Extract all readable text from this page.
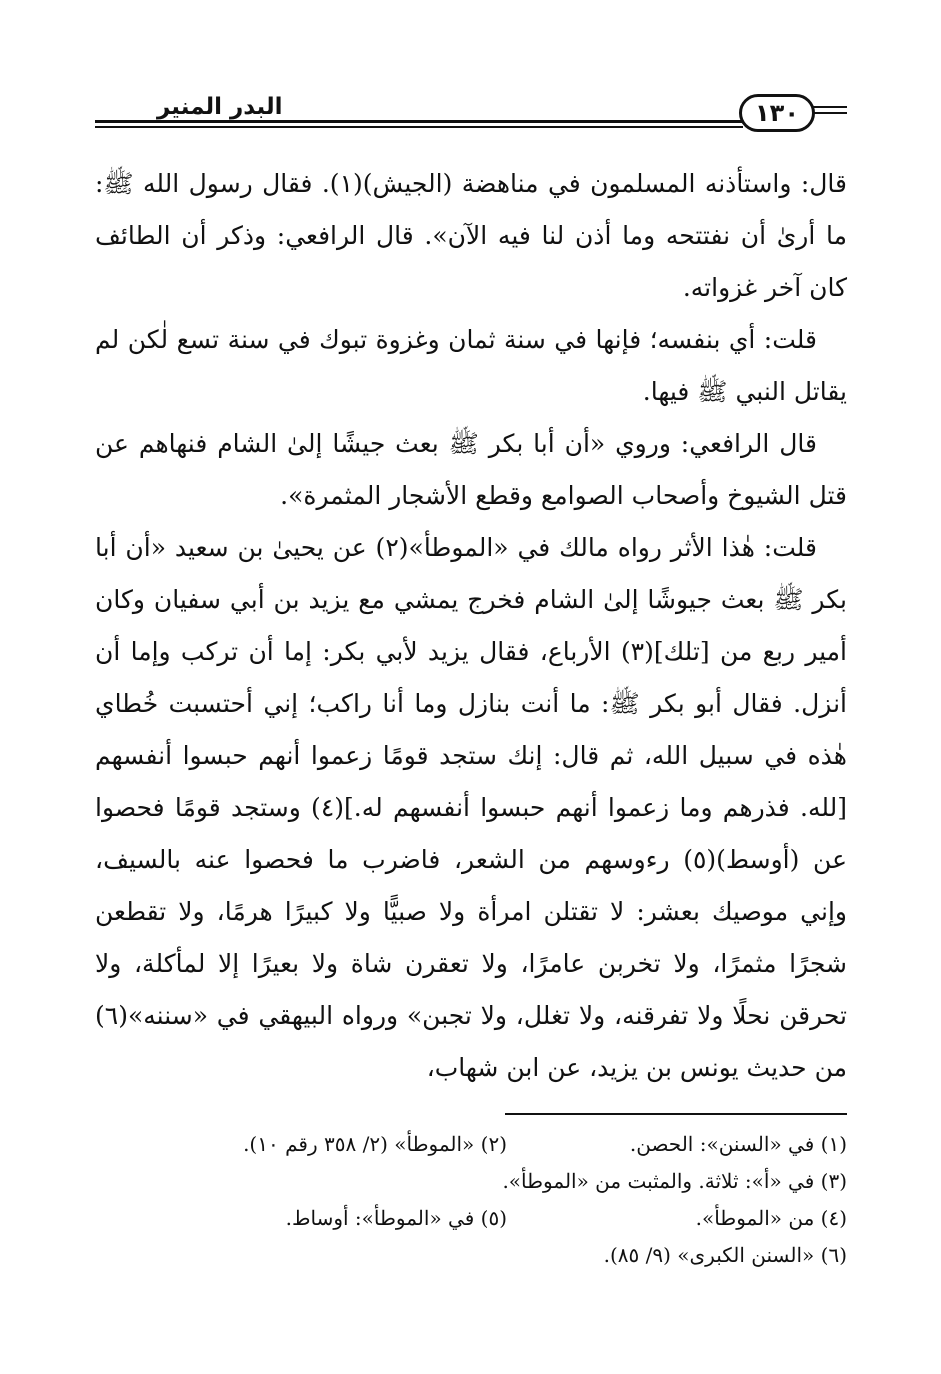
البدر المنير	١٣٠

قال: واستأذنه المسلمون في مناهضة (الجيش)(١). فقال رسول الله ﷺ: ما أرىٰ أن نفتتحه وما أذن لنا فيه الآن». قال الرافعي: وذكر أن الطائف كان آخر غزواته.

قلت: أي بنفسه؛ فإنها في سنة ثمان وغزوة تبوك في سنة تسع لٰكن لم يقاتل النبي ﷺ فيها.

قال الرافعي: وروي «أن أبا بكر ﷺ بعث جيشًا إلىٰ الشام فنهاهم عن قتل الشيوخ وأصحاب الصوامع وقطع الأشجار المثمرة».

قلت: هٰذا الأثر رواه مالك في «الموطأ»(٢) عن يحيىٰ بن سعيد «أن أبا بكر ﷺ بعث جيوشًا إلىٰ الشام فخرج يمشي مع يزيد بن أبي سفيان وكان أمير ربع من [تلك](٣) الأرباع، فقال يزيد لأبي بكر: إما أن تركب وإما أن أنزل. فقال أبو بكر ﷺ: ما أنت بنازل وما أنا راكب؛ إني أحتسبت خُطاي هٰذه في سبيل الله، ثم قال: إنك ستجد قومًا زعموا أنهم حبسوا أنفسهم [لله. فذرهم وما زعموا أنهم حبسوا أنفسهم له.](٤) وستجد قومًا فحصوا عن (أوسط)(٥) رءوسهم من الشعر، فاضرب ما فحصوا عنه بالسيف، وإني موصيك بعشر: لا تقتلن امرأة ولا صبيًّا ولا كبيرًا هرمًا، ولا تقطعن شجرًا مثمرًا، ولا تخربن عامرًا، ولا تعقرن شاة ولا بعيرًا إلا لمأكلة، ولا تحرقن نحلًا ولا تفرقنه، ولا تغلل، ولا تجبن» ورواه البيهقي في «سننه»(٦) من حديث يونس بن يزيد، عن ابن شهاب،

(١) في «السنن»: الحصن.
(٢) «الموطأ» (٢/ ٣٥٨ رقم ١٠).
(٣) في «أ»: ثلاثة. والمثبت من «الموطأ».
(٤) من «الموطأ».
(٥) في «الموطأ»: أوساط.
(٦) «السنن الكبرى» (٩/ ٨٥).
